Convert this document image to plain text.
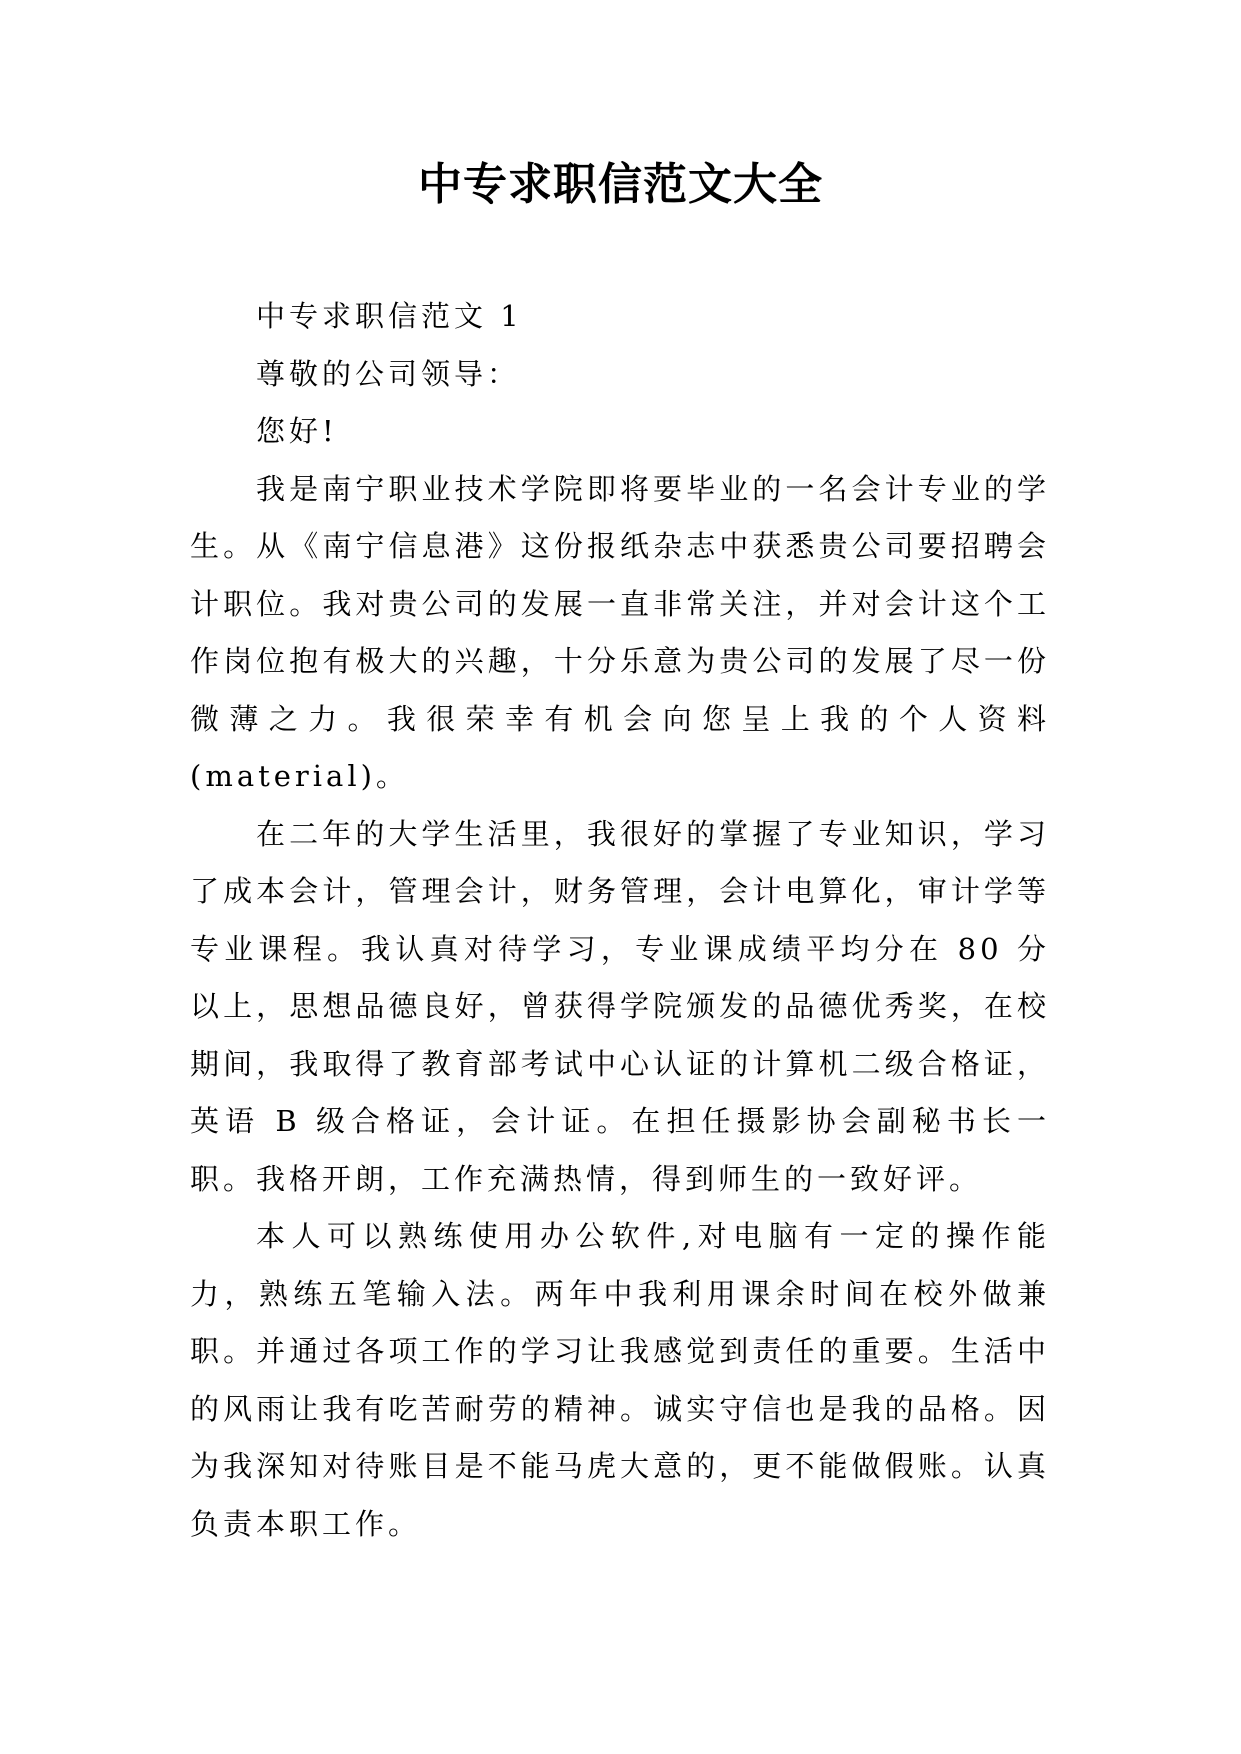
中专求职信范文大全

中专求职信范文 1

尊敬的公司领导：

您好!

我是南宁职业技术学院即将要毕业的一名会计专业的学生。从《南宁信息港》这份报纸杂志中获悉贵公司要招聘会计职位。我对贵公司的发展一直非常关注，并对会计这个工作岗位抱有极大的兴趣，十分乐意为贵公司的发展了尽一份微薄之力。我很荣幸有机会向您呈上我的个人资料(material)。

在二年的大学生活里，我很好的掌握了专业知识，学习了成本会计，管理会计，财务管理，会计电算化，审计学等专业课程。我认真对待学习，专业课成绩平均分在 80 分以上，思想品德良好，曾获得学院颁发的品德优秀奖，在校期间，我取得了教育部考试中心认证的计算机二级合格证，英语 B 级合格证，会计证。在担任摄影协会副秘书长一职。我格开朗，工作充满热情，得到师生的一致好评。

本人可以熟练使用办公软件,对电脑有一定的操作能力，熟练五笔输入法。两年中我利用课余时间在校外做兼职。并通过各项工作的学习让我感觉到责任的重要。生活中的风雨让我有吃苦耐劳的精神。诚实守信也是我的品格。因为我深知对待账目是不能马虎大意的，更不能做假账。认真负责本职工作。
